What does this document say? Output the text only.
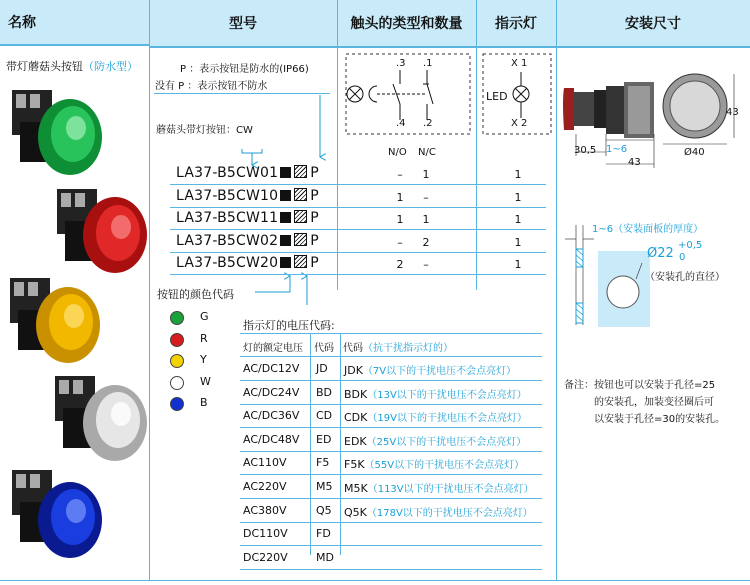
名称	型号	触头的类型和数量 指示灯	安装尺寸
带灯蘑菇头按钮（防水型）	P ：表示按钮是防水的(IP66)
没有 P ：表示按钮不防水
蘑菇头带灯按钮：CW
LA37-B5CW01 P	–	1	1
LA37-B5CW10 P	1	–	1
LA37-B5CW11 P	1	1	1
LA37-B5CW02 P	–	2	1
LA37-B5CW20 P	2	–	1
按钮的颜色代码
G
R
Y
W
B
.3 .1
.4 .2
N/O N/C
X 1
X 2
LED
指示灯的电压代码:
灯的额定电压 代码 代码（抗干扰指示灯的）
AC/DC12V JD JDK（7V以下的干扰电压不会点亮灯）
AC/DC24V BD BDK（13V以下的干扰电压不会点亮灯）
AC/DC36V CD CDK（19V以下的干扰电压不会点亮灯）
AC/DC48V ED EDK（25V以下的干扰电压不会点亮灯）
AC110V	F5 F5K（55V以下的干扰电压不会点亮灯）
AC220V	M5 M5K（113V以下的干扰电压不会点亮灯）
AC380V	Q5 Q5K（178V以下的干扰电压不会点亮灯）
DC110V	FD
DC220V	MD
30,5 1~6
43
43
Ø40
1~6（安装面板的厚度）
Ø22
+0,5
0
（安装孔的直径）
备注：按钮也可以安装于孔径=25
的安装孔，加装变径圈后可
以安装于孔径=30的安装孔。
